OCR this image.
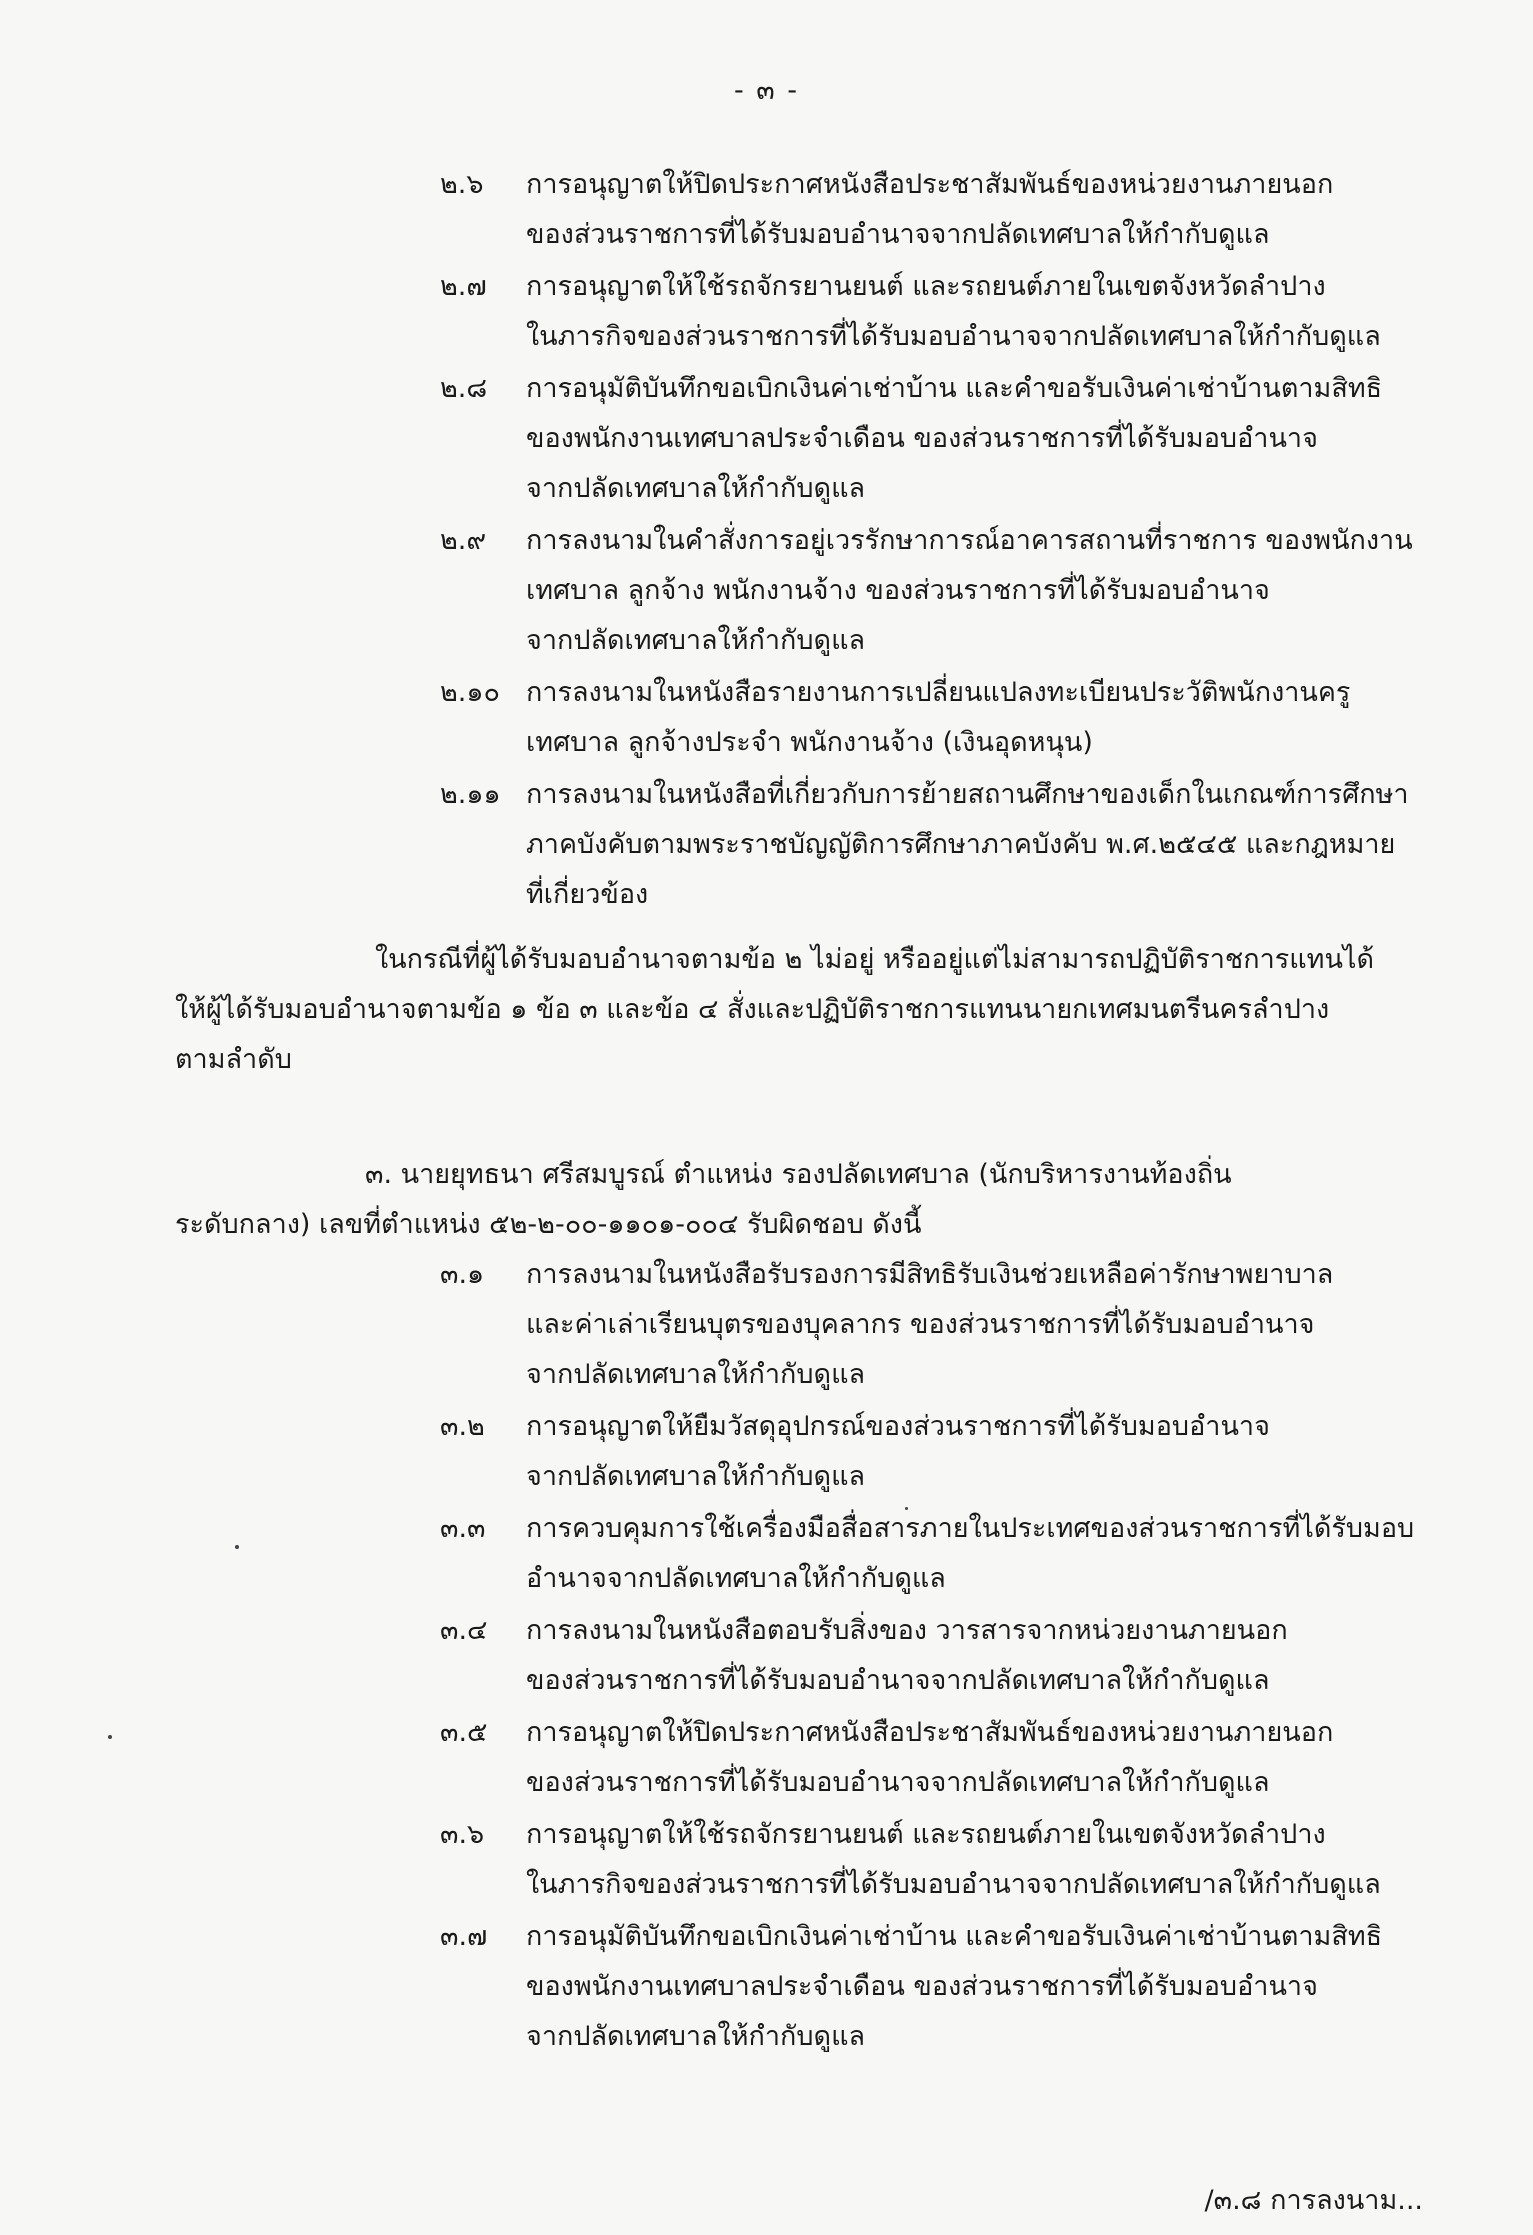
- ๓ -
๒.๖ การอนุญาตให้ปิดประกาศหนังสือประชาสัมพันธ์ของหน่วยงานภายนอก
ของส่วนราชการที่ได้รับมอบอำนาจจากปลัดเทศบาลให้กำกับดูแล
๒.๗ การอนุญาตให้ใช้รถจักรยานยนต์ และรถยนต์ภายในเขตจังหวัดลำปาง
ในภารกิจของส่วนราชการที่ได้รับมอบอำนาจจากปลัดเทศบาลให้กำกับดูแล
๒.๘ การอนุมัติบันทึกขอเบิกเงินค่าเช่าบ้าน และคำขอรับเงินค่าเช่าบ้านตามสิทธิ
ของพนักงานเทศบาลประจำเดือน ของส่วนราชการที่ได้รับมอบอำนาจ
จากปลัดเทศบาลให้กำกับดูแล
๒.๙ การลงนามในคำสั่งการอยู่เวรรักษาการณ์อาคารสถานที่ราชการ ของพนักงาน
เทศบาล ลูกจ้าง พนักงานจ้าง ของส่วนราชการที่ได้รับมอบอำนาจ
จากปลัดเทศบาลให้กำกับดูแล
๒.๑๐ การลงนามในหนังสือรายงานการเปลี่ยนแปลงทะเบียนประวัติพนักงานครู
เทศบาล ลูกจ้างประจำ พนักงานจ้าง (เงินอุดหนุน)
๒.๑๑ การลงนามในหนังสือที่เกี่ยวกับการย้ายสถานศึกษาของเด็กในเกณฑ์การศึกษา
ภาคบังคับตามพระราชบัญญัติการศึกษาภาคบังคับ พ.ศ.๒๕๔๕ และกฎหมาย
ที่เกี่ยวข้อง
ในกรณีที่ผู้ได้รับมอบอำนาจตามข้อ ๒ ไม่อยู่ หรืออยู่แต่ไม่สามารถปฏิบัติราชการแทนได้
ให้ผู้ได้รับมอบอำนาจตามข้อ ๑ ข้อ ๓ และข้อ ๔ สั่งและปฏิบัติราชการแทนนายกเทศมนตรีนครลำปาง
ตามลำดับ
๓. นายยุทธนา ศรีสมบูรณ์ ตำแหน่ง รองปลัดเทศบาล (นักบริหารงานท้องถิ่น
ระดับกลาง) เลขที่ตำแหน่ง ๕๒-๒-๐๐-๑๑๐๑-๐๐๔ รับผิดชอบ ดังนี้
๓.๑ การลงนามในหนังสือรับรองการมีสิทธิรับเงินช่วยเหลือค่ารักษาพยาบาล
และค่าเล่าเรียนบุตรของบุคลากร ของส่วนราชการที่ได้รับมอบอำนาจ
จากปลัดเทศบาลให้กำกับดูแล
๓.๒ การอนุญาตให้ยืมวัสดุอุปกรณ์ของส่วนราชการที่ได้รับมอบอำนาจ
จากปลัดเทศบาลให้กำกับดูแล
๓.๓ การควบคุมการใช้เครื่องมือสื่อสารภายในประเทศของส่วนราชการที่ได้รับมอบ
อำนาจจากปลัดเทศบาลให้กำกับดูแล
๓.๔ การลงนามในหนังสือตอบรับสิ่งของ วารสารจากหน่วยงานภายนอก
ของส่วนราชการที่ได้รับมอบอำนาจจากปลัดเทศบาลให้กำกับดูแล
๓.๕ การอนุญาตให้ปิดประกาศหนังสือประชาสัมพันธ์ของหน่วยงานภายนอก
ของส่วนราชการที่ได้รับมอบอำนาจจากปลัดเทศบาลให้กำกับดูแล
๓.๖ การอนุญาตให้ใช้รถจักรยานยนต์ และรถยนต์ภายในเขตจังหวัดลำปาง
ในภารกิจของส่วนราชการที่ได้รับมอบอำนาจจากปลัดเทศบาลให้กำกับดูแล
๓.๗ การอนุมัติบันทึกขอเบิกเงินค่าเช่าบ้าน และคำขอรับเงินค่าเช่าบ้านตามสิทธิ
ของพนักงานเทศบาลประจำเดือน ของส่วนราชการที่ได้รับมอบอำนาจ
จากปลัดเทศบาลให้กำกับดูแล
/๓.๘ การลงนาม...
